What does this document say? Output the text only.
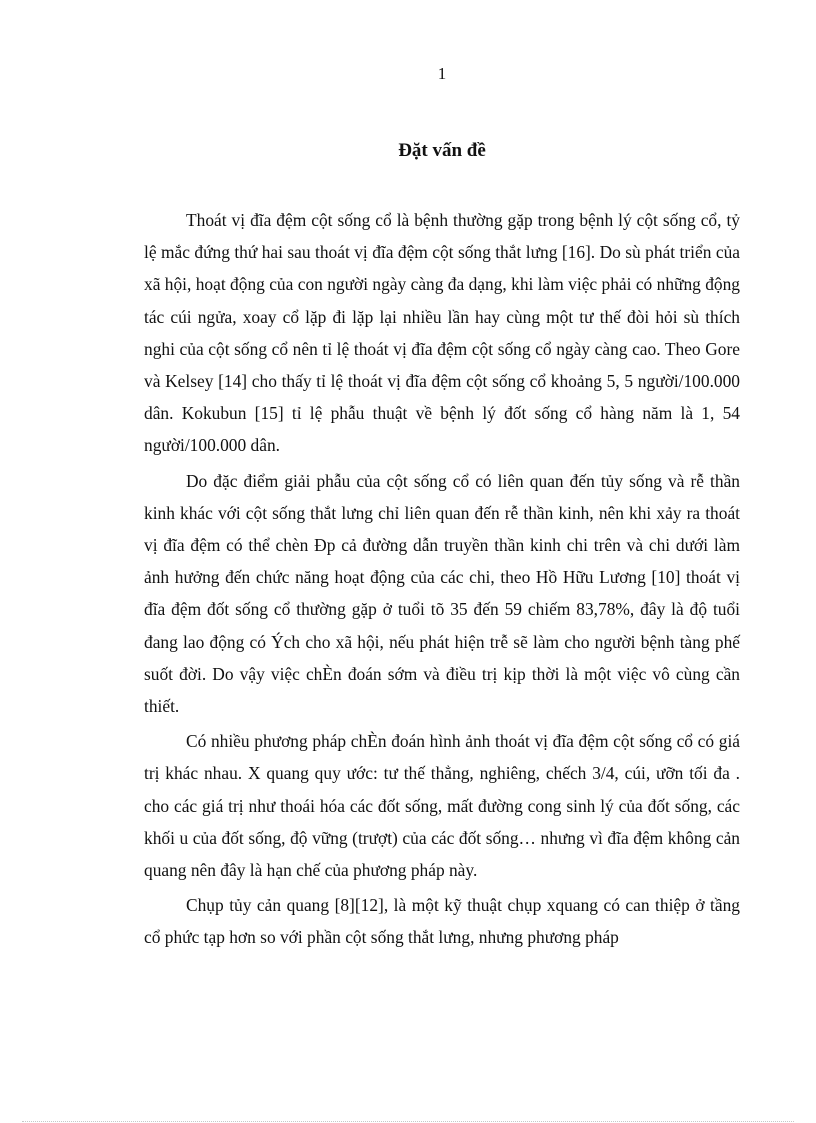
1
Đặt vấn đề

Thoát vị đĩa đệm cột sống cổ là bệnh thường gặp trong bệnh lý cột sống cổ, tỷ lệ mắc đứng thứ hai sau thoát vị đĩa đệm cột sống thắt lưng [16]. Do sù phát triển của xã hội, hoạt động của con người ngày càng đa dạng, khi làm việc phải có những động tác cúi ngửa, xoay cổ lặp đi lặp lại nhiều lần hay cùng một tư thế đòi hỏi sù thích nghi của cột sống cổ nên tỉ lệ thoát vị đĩa đệm cột sống cổ ngày càng cao. Theo Gore và Kelsey [14] cho thấy tỉ lệ thoát vị đĩa đệm cột sống cổ khoảng 5, 5 người/100.000 dân. Kokubun [15] tỉ lệ phẫu thuật về bệnh lý đốt sống cổ hàng năm là 1, 54 người/100.000 dân.

Do đặc điểm giải phẫu của cột sống cổ có liên quan đến tủy sống và rễ thần kinh khác với cột sống thắt lưng chỉ liên quan đến rễ thần kinh, nên khi xảy ra thoát vị đĩa đệm có thể chèn Ðp cả đường dẫn truyền thần kinh chi trên và chi dưới làm ảnh hưởng đến chức năng hoạt động của các chi, theo Hồ Hữu Lương [10] thoát vị đĩa đệm đốt sống cổ thường gặp ở tuổi tõ 35 đến 59 chiếm 83,78%, đây là độ tuổi đang lao động có Ých cho xã hội, nếu phát hiện trễ sẽ làm cho người bệnh tàng phế suốt đời. Do vậy việc chÈn đoán sớm và điều trị kịp thời là một việc vô cùng cần thiết.

Có nhiều phương pháp chÈn đoán hình ảnh thoát vị đĩa đệm cột sống cổ có giá trị khác nhau. X quang quy ước: tư thế thẳng, nghiêng, chếch 3/4, cúi, ưỡn tối đa . cho các giá trị như thoái hóa các đốt sống, mất đường cong sinh lý của đốt sống, các khối u của đốt sống, độ vững (trượt) của các đốt sống… nhưng vì đĩa đệm không cản quang nên đây là hạn chế của phương pháp này.

Chụp tủy cản quang [8][12], là một kỹ thuật chụp xquang có can thiệp ở tầng cổ phức tạp hơn so với phần cột sống thắt lưng, nhưng phương pháp
